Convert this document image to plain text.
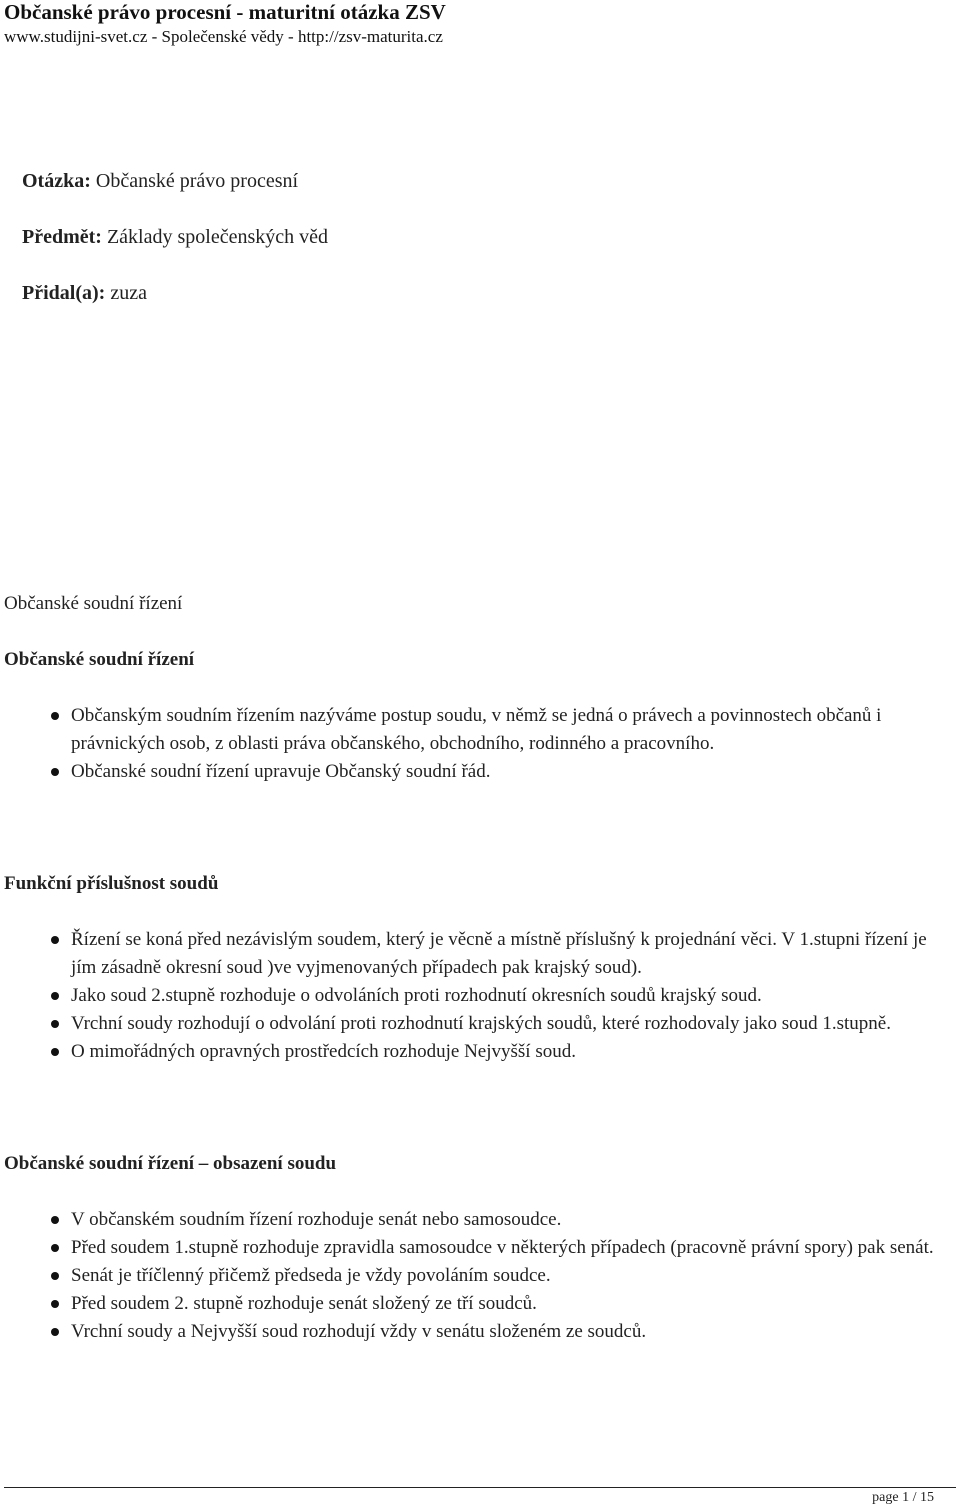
Občanské právo procesní - maturitní otázka ZSV
www.studijni-svet.cz - Společenské vědy - http://zsv-maturita.cz
Otázka: Občanské právo procesní
Předmět: Základy společenských věd
Přidal(a): zuza
Občanské soudní řízení
Občanské soudní řízení
Občanským soudním řízením nazýváme postup soudu, v němž se jedná o právech a povinnostech občanů i právnických osob, z oblasti práva občanského, obchodního, rodinného a pracovního.
Občanské soudní řízení upravuje Občanský soudní řád.
Funkční příslušnost soudů
Řízení se koná před nezávislým soudem, který je věcně a místně příslušný k projednání věci. V 1.stupni řízení je jím zásadně okresní soud )ve vyjmenovaných případech pak krajský soud).
Jako soud 2.stupně rozhoduje o odvoláních proti rozhodnutí okresních soudů krajský soud.
Vrchní soudy rozhodují o odvolání proti rozhodnutí krajských soudů, které rozhodovaly jako soud 1.stupně.
O mimořádných opravných prostředcích rozhoduje Nejvyšší soud.
Občanské soudní řízení – obsazení soudu
V občanském soudním řízení rozhoduje senát nebo samosoudce.
Před soudem 1.stupně rozhoduje zpravidla samosoudce v některých případech (pracovně právní spory) pak senát.
Senát je tříčlenný přičemž předseda je vždy povoláním soudce.
Před soudem 2. stupně rozhoduje senát složený ze tří soudců.
Vrchní soudy a Nejvyšší soud rozhodují vždy v senátu složeném ze soudců.
page 1 / 15
